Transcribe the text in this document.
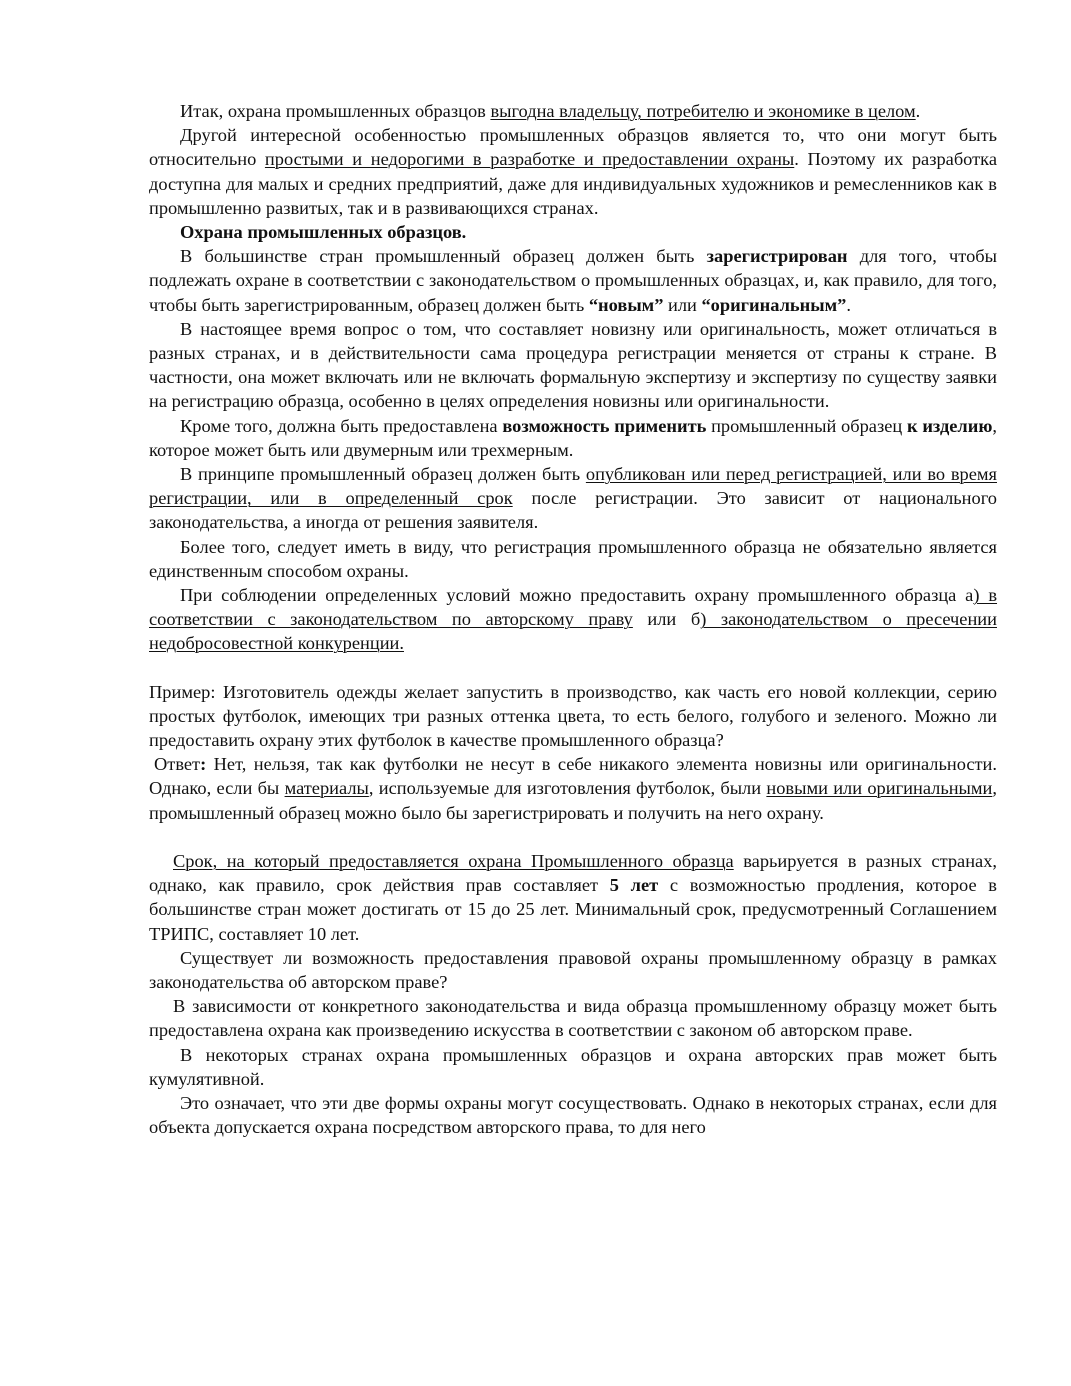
Итак, охрана промышленных образцов выгодна владельцу, потребителю и экономике в целом.

Другой интересной особенностью промышленных образцов является то, что они могут быть относительно простыми и недорогими в разработке и предоставлении охраны. Поэтому их разработка доступна для малых и средних предприятий, даже для индивидуальных художников и ремесленников как в промышленно развитых, так и в развивающихся странах.

Охрана промышленных образцов.

В большинстве стран промышленный образец должен быть зарегистрирован для того, чтобы подлежать охране в соответствии с законодательством о промышленных образцах, и, как правило, для того, чтобы быть зарегистрированным, образец должен быть “новым” или “оригинальным”.

В настоящее время вопрос о том, что составляет новизну или оригинальность, может отличаться в разных странах, и в действительности сама процедура регистрации меняется от страны к стране. В частности, она может включать или не включать формальную экспертизу и экспертизу по существу заявки на регистрацию образца, особенно в целях определения новизны или оригинальности.

Кроме того, должна быть предоставлена возможность применить промышленный образец к изделию, которое может быть или двумерным или трехмерным.

В принципе промышленный образец должен быть опубликован или перед регистрацией, или во время регистрации, или в определенный срок после регистрации. Это зависит от национального законодательства, а иногда от решения заявителя.

Более того, следует иметь в виду, что регистрация промышленного образца не обязательно является единственным способом охраны.

При соблюдении определенных условий можно предоставить охрану промышленного образца а) в соответствии с законодательством по авторскому праву или б) законодательством о пресечении недобросовестной конкуренции.

Пример: Изготовитель одежды желает запустить в производство, как часть его новой коллекции, серию простых футболок, имеющих три разных оттенка цвета, то есть белого, голубого и зеленого. Можно ли предоставить охрану этих футболок в качестве промышленного образца?

Ответ: Нет, нельзя, так как футболки не несут в себе никакого элемента новизны или оригинальности. Однако, если бы материалы, используемые для изготовления футболок, были новыми или оригинальными, промышленный образец можно было бы зарегистрировать и получить на него охрану.

Срок, на который предоставляется охрана Промышленного образца варьируется в разных странах, однако, как правило, срок действия прав составляет 5 лет с возможностью продления, которое в большинстве стран может достигать от 15 до 25 лет. Минимальный срок, предусмотренный Соглашением ТРИПС, составляет 10 лет.

Существует ли возможность предоставления правовой охраны промышленному образцу в рамках законодательства об авторском праве?

В зависимости от конкретного законодательства и вида образца промышленному образцу может быть предоставлена охрана как произведению искусства в соответствии с законом об авторском праве.

В некоторых странах охрана промышленных образцов и охрана авторских прав может быть кумулятивной.

Это означает, что эти две формы охраны могут сосуществовать. Однако в некоторых странах, если для объекта допускается охрана посредством авторского права, то для него
